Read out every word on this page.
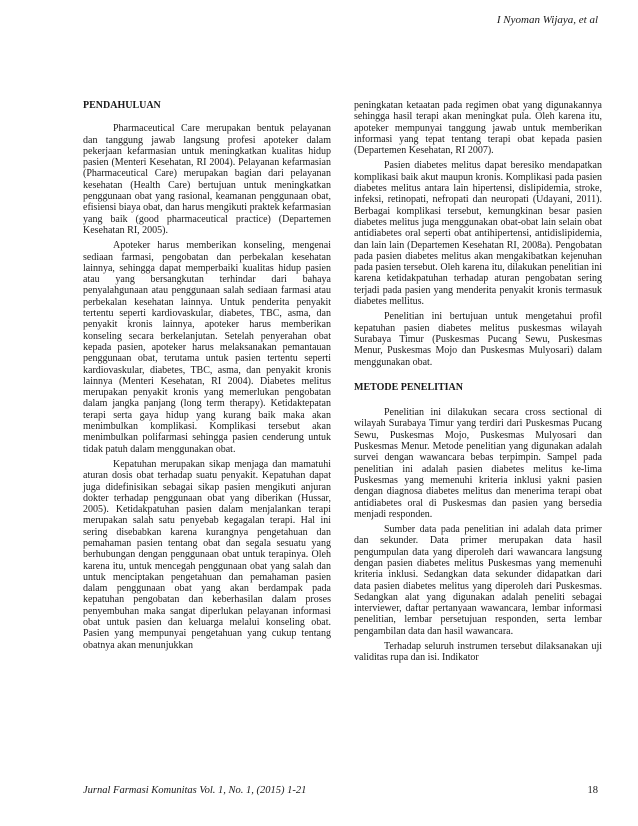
I Nyoman Wijaya, et al
PENDAHULUAN

Pharmaceutical Care merupakan bentuk pelayanan dan tanggung jawab langsung profesi apoteker dalam pekerjaan kefarmasian untuk meningkatkan kualitas hidup pasien (Menteri Kesehatan, RI 2004). Pelayanan kefarmasian (Pharmaceutical Care) merupakan bagian dari pelayanan kesehatan (Health Care) bertujuan untuk meningkatkan penggunaan obat yang rasional, keamanan penggunaan obat, efisiensi biaya obat, dan harus mengikuti praktek kefarmasian yang baik (good pharmaceutical practice) (Departemen Kesehatan RI, 2005).

Apoteker harus memberikan konseling, mengenai sediaan farmasi, pengobatan dan perbekalan kesehatan lainnya, sehingga dapat memperbaiki kualitas hidup pasien atau yang bersangkutan terhindar dari bahaya penyalahgunaan atau penggunaan salah sediaan farmasi atau perbekalan kesehatan lainnya. Untuk penderita penyakit tertentu seperti kardiovaskular, diabetes, TBC, asma, dan penyakit kronis lainnya, apoteker harus memberikan konseling secara berkelanjutan. Setelah penyerahan obat kepada pasien, apoteker harus melaksanakan pemantauan penggunaan obat, terutama untuk pasien tertentu seperti kardiovaskular, diabetes, TBC, asma, dan penyakit kronis lainnya (Menteri Kesehatan, RI 2004). Diabetes melitus merupakan penyakit kronis yang memerlukan pengobatan dalam jangka panjang (long term therapy). Ketidaktepatan terapi serta gaya hidup yang kurang baik maka akan menimbulkan komplikasi. Komplikasi tersebut akan menimbulkan polifarmasi sehingga pasien cenderung untuk tidak patuh dalam menggunakan obat.

Kepatuhan merupakan sikap menjaga dan mamatuhi aturan dosis obat terhadap suatu penyakit. Kepatuhan dapat juga didefinisikan sebagai sikap pasien mengikuti anjuran dokter terhadap penggunaan obat yang diberikan (Hussar, 2005). Ketidakpatuhan pasien dalam menjalankan terapi merupakan salah satu penyebab kegagalan terapi. Hal ini sering disebabkan karena kurangnya pengetahuan dan pemahaman pasien tentang obat dan segala sesuatu yang berhubungan dengan penggunaan obat untuk terapinya. Oleh karena itu, untuk mencegah penggunaan obat yang salah dan untuk menciptakan pengetahuan dan pemahaman pasien dalam penggunaan obat yang akan berdampak pada kepatuhan pengobatan dan keberhasilan dalam proses penyembuhan maka sangat diperlukan pelayanan informasi obat untuk pasien dan keluarga melalui konseling obat. Pasien yang mempunyai pengetahuan yang cukup tentang obatnya akan menunjukkan

peningkatan ketaatan pada regimen obat yang digunakannya sehingga hasil terapi akan meningkat pula. Oleh karena itu, apoteker mempunyai tanggung jawab untuk memberikan informasi yang tepat tentang terapi obat kepada pasien (Departemen Kesehatan, RI 2007).

Pasien diabetes melitus dapat beresiko mendapatkan komplikasi baik akut maupun kronis. Komplikasi pada pasien diabetes melitus antara lain hipertensi, dislipidemia, stroke, infeksi, retinopati, nefropati dan neuropati (Udayani, 2011). Berbagai komplikasi tersebut, kemungkinan besar pasien diabetes melitus juga menggunakan obat-obat lain selain obat antidiabetes oral seperti obat antihipertensi, antidislipidemia, dan lain lain (Departemen Kesehatan RI, 2008a). Pengobatan pada pasien diabetes melitus akan mengakibatkan kejenuhan pada pasien tersebut. Oleh karena itu, dilakukan penelitian ini karena ketidakpatuhan terhadap aturan pengobatan sering terjadi pada pasien yang menderita penyakit kronis termasuk diabetes mellitus.

Penelitian ini bertujuan untuk mengetahui profil kepatuhan pasien diabetes melitus puskesmas wilayah Surabaya Timur (Puskesmas Pucang Sewu, Puskesmas Menur, Puskesmas Mojo dan Puskesmas Mulyosari) dalam menggunakan obat.

METODE PENELITIAN

Penelitian ini dilakukan secara cross sectional di wilayah Surabaya Timur yang terdiri dari Puskesmas Pucang Sewu, Puskesmas Mojo, Puskesmas Mulyosari dan Puskesmas Menur. Metode penelitian yang digunakan adalah survei dengan wawancara bebas terpimpin. Sampel pada penelitian ini adalah pasien diabetes melitus ke-lima Puskesmas yang memenuhi kriteria inklusi yakni pasien dengan diagnosa diabetes melitus dan menerima terapi obat antidiabetes oral di Puskesmas dan pasien yang bersedia menjadi responden.

Sumber data pada penelitian ini adalah data primer dan sekunder. Data primer merupakan data hasil pengumpulan data yang diperoleh dari wawancara langsung dengan pasien diabetes melitus Puskesmas yang memenuhi kriteria inklusi. Sedangkan data sekunder didapatkan dari data pasien diabetes melitus yang diperoleh dari Puskesmas. Sedangkan alat yang digunakan adalah peneliti sebagai interviewer, daftar pertanyaan wawancara, lembar informasi penelitian, lembar persetujuan responden, serta lembar pengambilan data dan hasil wawancara.

Terhadap seluruh instrumen tersebut dilaksanakan uji validitas rupa dan isi. Indikator

Jurnal Farmasi Komunitas Vol. 1, No. 1, (2015) 1-21	18
